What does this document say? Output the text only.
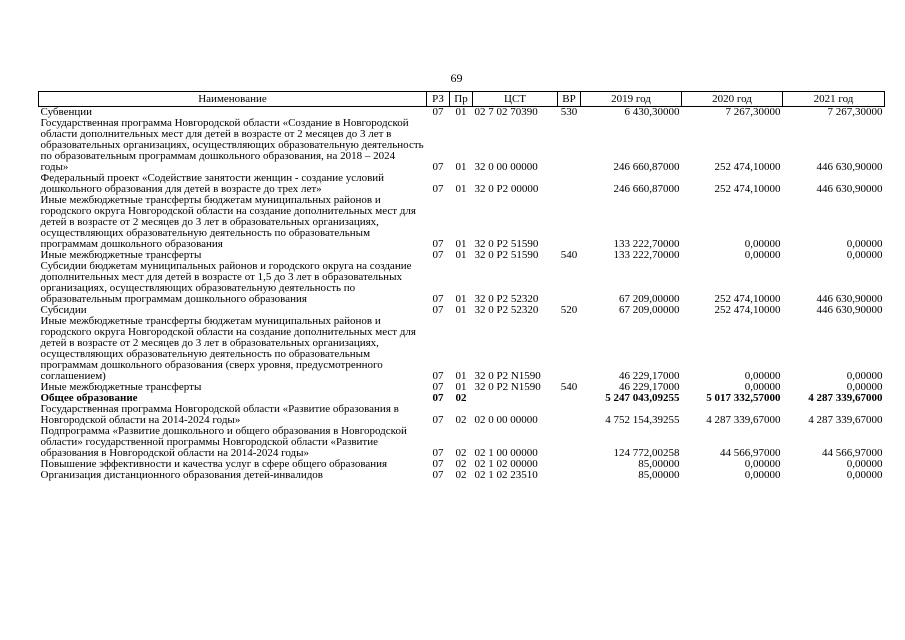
69
Наименование	РЗ	Пр	ЦСТ	ВР	2019 год	2020 год	2021 год
Субвенции	07	01	02 7 02 70390	530	6 430,30000	7 267,30000	7 267,30000
Государственная программа Новгородской области «Создание в Новгородской области дополнительных мест для детей в возрасте от 2 месяцев до 3 лет в образовательных организациях, осуществляющих образовательную деятельность по образовательным программам дошкольного образования, на 2018 – 2024 годы»	07	01	32 0 00 00000		246 660,87000	252 474,10000	446 630,90000
Федеральный проект «Содействие занятости женщин - создание условий дошкольного образования для детей в возрасте до трех лет»	07	01	32 0 P2 00000		246 660,87000	252 474,10000	446 630,90000
Иные межбюджетные трансферты бюджетам муниципальных районов и городского округа Новгородской области на создание дополнительных мест для детей в возрасте от 2 месяцев до 3 лет в образовательных организациях, осуществляющих образовательную деятельность по образовательным программам дошкольного образования	07	01	32 0 P2 51590		133 222,70000	0,00000	0,00000
Иные межбюджетные трансферты	07	01	32 0 P2 51590	540	133 222,70000	0,00000	0,00000
Субсидии бюджетам муниципальных районов и городского округа на создание дополнительных мест для детей в возрасте от 1,5 до 3 лет в образовательных организациях, осуществляющих образовательную деятельность по образовательным программам дошкольного образования	07	01	32 0 P2 52320		67 209,00000	252 474,10000	446 630,90000
Субсидии	07	01	32 0 P2 52320	520	67 209,00000	252 474,10000	446 630,90000
Иные межбюджетные трансферты бюджетам муниципальных районов и городского округа Новгородской области на создание дополнительных мест для детей в возрасте от 2 месяцев до 3 лет в образовательных организациях, осуществляющих образовательную деятельность по образовательным программам дошкольного образования (сверх уровня, предусмотренного соглашением)	07	01	32 0 P2 N1590		46 229,17000	0,00000	0,00000
Иные межбюджетные трансферты	07	01	32 0 P2 N1590	540	46 229,17000	0,00000	0,00000
Общее образование	07	02			5 247 043,09255	5 017 332,57000	4 287 339,67000
Государственная программа Новгородской области «Развитие образования в Новгородской области на 2014-2024 годы»	07	02	02 0 00 00000		4 752 154,39255	4 287 339,67000	4 287 339,67000
Подпрограмма «Развитие дошкольного и общего образования в Новгородской области» государственной программы Новгородской области «Развитие образования в Новгородской области на 2014-2024 годы»	07	02	02 1 00 00000		124 772,00258	44 566,97000	44 566,97000
Повышение эффективности и качества услуг в сфере общего образования	07	02	02 1 02 00000		85,00000	0,00000	0,00000
Организация дистанционного образования детей-инвалидов	07	02	02 1 02 23510		85,00000	0,00000	0,00000
